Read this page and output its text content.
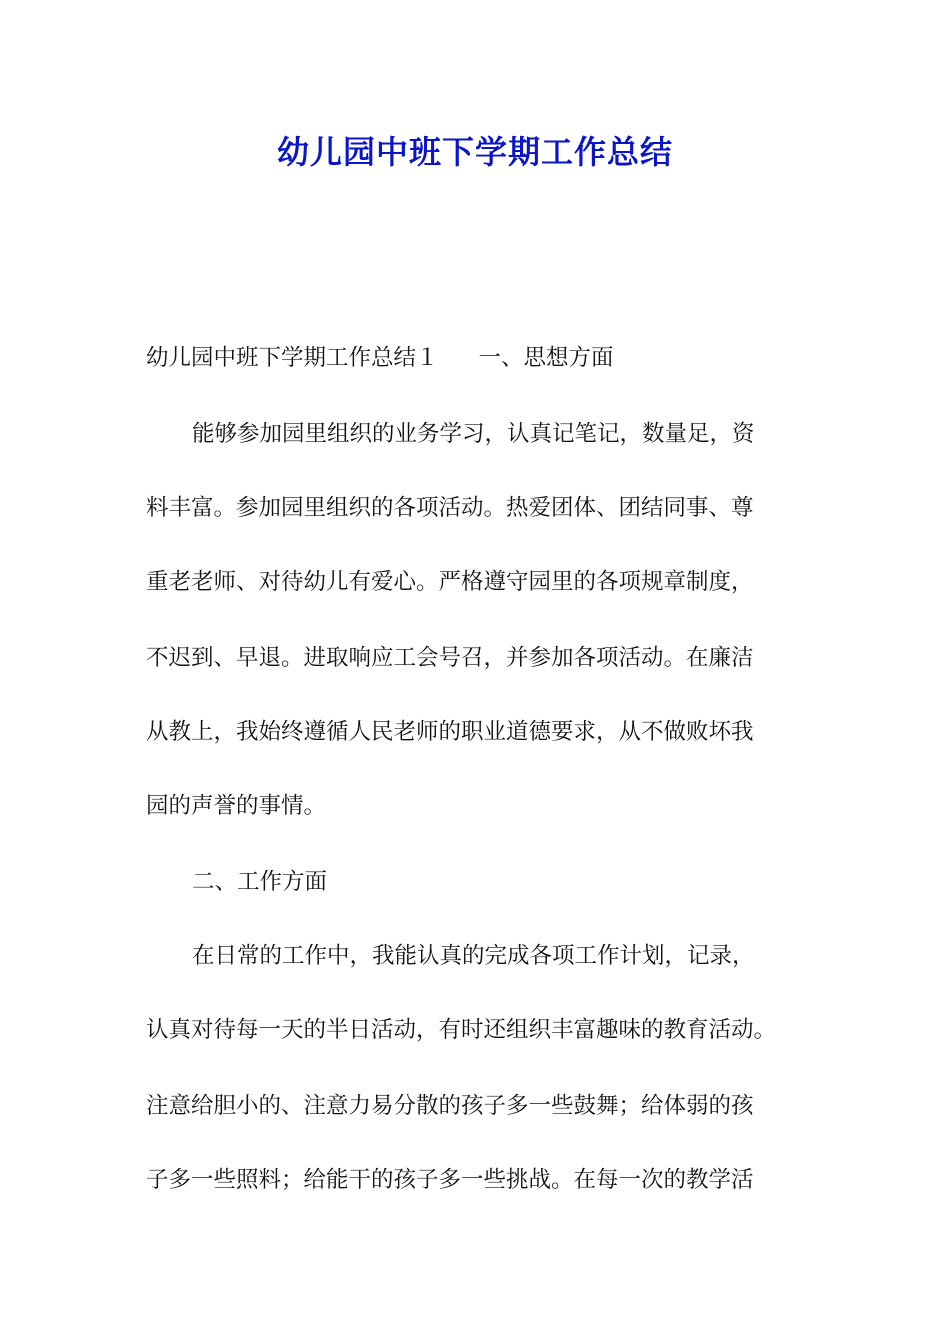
幼儿园中班下学期工作总结

幼儿园中班下学期工作总结１ 一、思想方面

能够参加园里组织的业务学习，认真记笔记，数量足，资

料丰富。参加园里组织的各项活动。热爱团体、团结同事、尊

重老老师、对待幼儿有爱心。严格遵守园里的各项规章制度，

不迟到、早退。进取响应工会号召，并参加各项活动。在廉洁

从教上，我始终遵循人民老师的职业道德要求，从不做败坏我

园的声誉的事情。

二、工作方面

在日常的工作中，我能认真的完成各项工作计划，记录，

认真对待每一天的半日活动，有时还组织丰富趣味的教育活动。

注意给胆小的、注意力易分散的孩子多一些鼓舞；给体弱的孩

子多一些照料；给能干的孩子多一些挑战。在每一次的教学活
